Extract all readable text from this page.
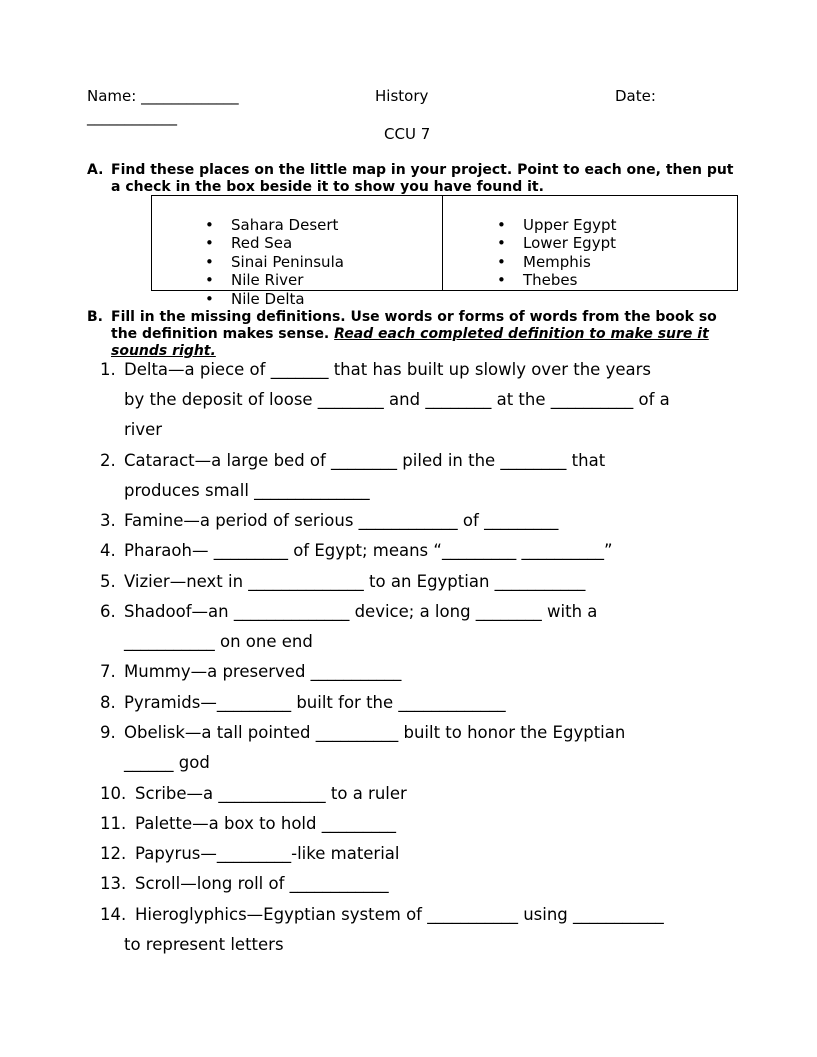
Name: _____________	History	Date:
____________
CCU 7
A. Find these places on the little map in your project. Point to each one, then put a check in the box beside it to show you have found it.

• Sahara Desert

• Red Sea

• Sinai Peninsula

• Nile River

• Nile Delta

• Upper Egypt

• Lower Egypt

• Memphis

• Thebes

B. Fill in the missing definitions. Use words or forms of words from the book so the definition makes sense. Read each completed definition to make sure it sounds right.
1. Delta—a piece of _______ that has built up slowly over the years
by the deposit of loose ________ and ________ at the __________ of a
river
2. Cataract—a large bed of ________ piled in the ________ that
produces small ______________
3. Famine—a period of serious ____________ of _________
4. Pharaoh— _________ of Egypt; means “_________ __________”
5. Vizier—next in ______________ to an Egyptian ___________
6. Shadoof—an ______________ device; a long ________ with a
___________ on one end
7. Mummy—a preserved ___________
8. Pyramids—_________ built for the _____________
9. Obelisk—a tall pointed __________ built to honor the Egyptian
______ god
10. Scribe—a _____________ to a ruler
11. Palette—a box to hold _________
12. Papyrus—_________-like material
13. Scroll—long roll of ____________
14. Hieroglyphics—Egyptian system of ___________ using ___________
to represent letters
